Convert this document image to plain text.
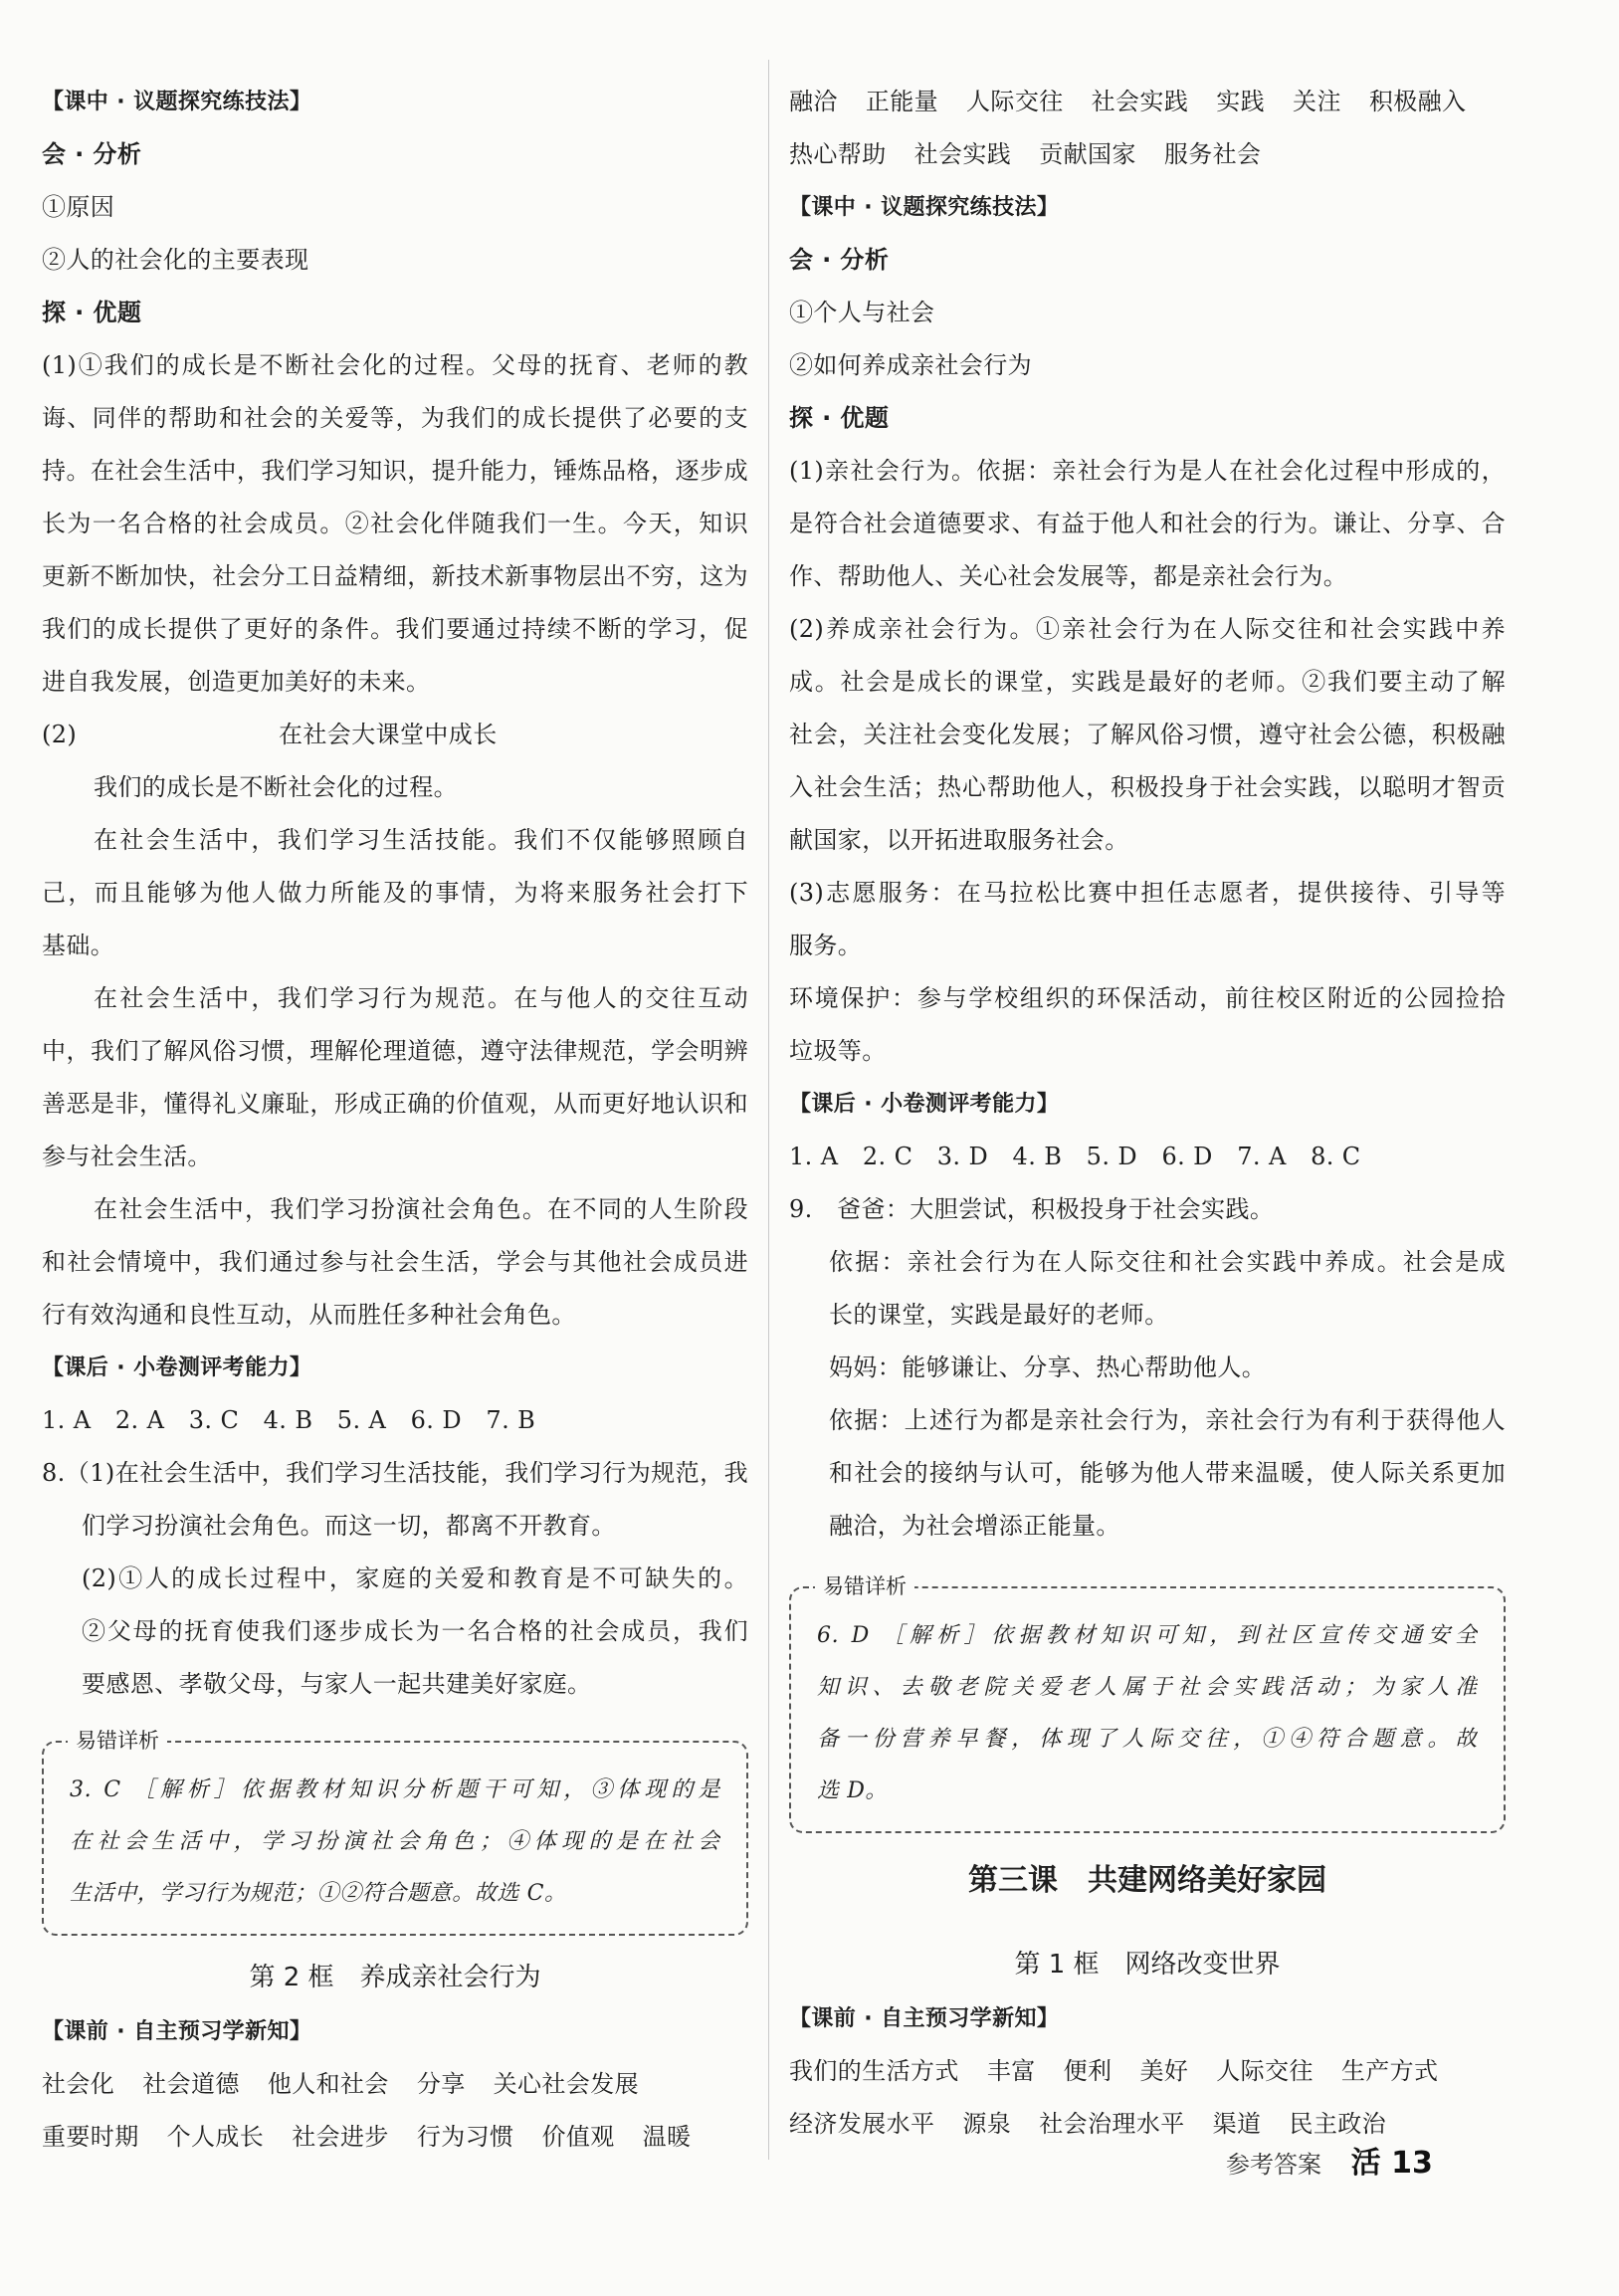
【课中 · 议题探究练技法】
会 · 分析
①原因
②人的社会化的主要表现
探 · 优题
(1)①我们的成长是不断社会化的过程。父母的抚育、老师的教
诲、同伴的帮助和社会的关爱等，为我们的成长提供了必要的支
持。在社会生活中，我们学习知识，提升能力，锤炼品格，逐步成
长为一名合格的社会成员。②社会化伴随我们一生。今天，知识
更新不断加快，社会分工日益精细，新技术新事物层出不穷，这为
我们的成长提供了更好的条件。我们要通过持续不断的学习，促
进自我发展，创造更加美好的未来。
(2)	在社会大课堂中成长
我们的成长是不断社会化的过程。
在社会生活中，我们学习生活技能。我们不仅能够照顾自
己，而且能够为他人做力所能及的事情，为将来服务社会打下
基础。
在社会生活中，我们学习行为规范。在与他人的交往互动
中，我们了解风俗习惯，理解伦理道德，遵守法律规范，学会明辨
善恶是非，懂得礼义廉耻，形成正确的价值观，从而更好地认识和
参与社会生活。
在社会生活中，我们学习扮演社会角色。在不同的人生阶段
和社会情境中，我们通过参与社会生活，学会与其他社会成员进
行有效沟通和良性互动，从而胜任多种社会角色。
【课后 · 小卷测评考能力】
1. A　2. A　3. C　4. B　5. A　6. D　7. B
8.（1)在社会生活中，我们学习生活技能，我们学习行为规范，我
们学习扮演社会角色。而这一切，都离不开教育。
(2)①人的成长过程中，家庭的关爱和教育是不可缺失的。
②父母的抚育使我们逐步成长为一名合格的社会成员，我们
要感恩、孝敬父母，与家人一起共建美好家庭。
易错详析
3. C ［解析］依据教材知识分析题干可知，③体现的是
在社会生活中，学习扮演社会角色；④体现的是在社会
生活中，学习行为规范；①②符合题意。故选 C。
第 2 框　养成亲社会行为
【课前 · 自主预习学新知】
社会化 社会道德 他人和社会 分享 关心社会发展
重要时期 个人成长 社会进步 行为习惯 价值观 温暖
融洽 正能量 人际交往 社会实践 实践 关注 积极融入
热心帮助 社会实践 贡献国家 服务社会
【课中 · 议题探究练技法】
会 · 分析
①个人与社会
②如何养成亲社会行为
探 · 优题
(1)亲社会行为。依据：亲社会行为是人在社会化过程中形成的，
是符合社会道德要求、有益于他人和社会的行为。谦让、分享、合
作、帮助他人、关心社会发展等，都是亲社会行为。
(2)养成亲社会行为。①亲社会行为在人际交往和社会实践中养
成。社会是成长的课堂，实践是最好的老师。②我们要主动了解
社会，关注社会变化发展；了解风俗习惯，遵守社会公德，积极融
入社会生活；热心帮助他人，积极投身于社会实践，以聪明才智贡
献国家，以开拓进取服务社会。
(3)志愿服务：在马拉松比赛中担任志愿者，提供接待、引导等
服务。
环境保护：参与学校组织的环保活动，前往校区附近的公园捡拾
垃圾等。
【课后 · 小卷测评考能力】
1. A　2. C　3. D　4. B　5. D　6. D　7. A　8. C
9.　爸爸：大胆尝试，积极投身于社会实践。
依据：亲社会行为在人际交往和社会实践中养成。社会是成
长的课堂，实践是最好的老师。
妈妈：能够谦让、分享、热心帮助他人。
依据：上述行为都是亲社会行为，亲社会行为有利于获得他人
和社会的接纳与认可，能够为他人带来温暖，使人际关系更加
融洽，为社会增添正能量。
易错详析
6. D ［解析］依据教材知识可知，到社区宣传交通安全
知识、去敬老院关爱老人属于社会实践活动；为家人准
备一份营养早餐，体现了人际交往，①④符合题意。故
选 D。
第三课　共建网络美好家园
第 1 框　网络改变世界
【课前 · 自主预习学新知】
我们的生活方式 丰富 便利 美好 人际交往 生产方式
经济发展水平 源泉 社会治理水平 渠道 民主政治
参考答案 活 13
